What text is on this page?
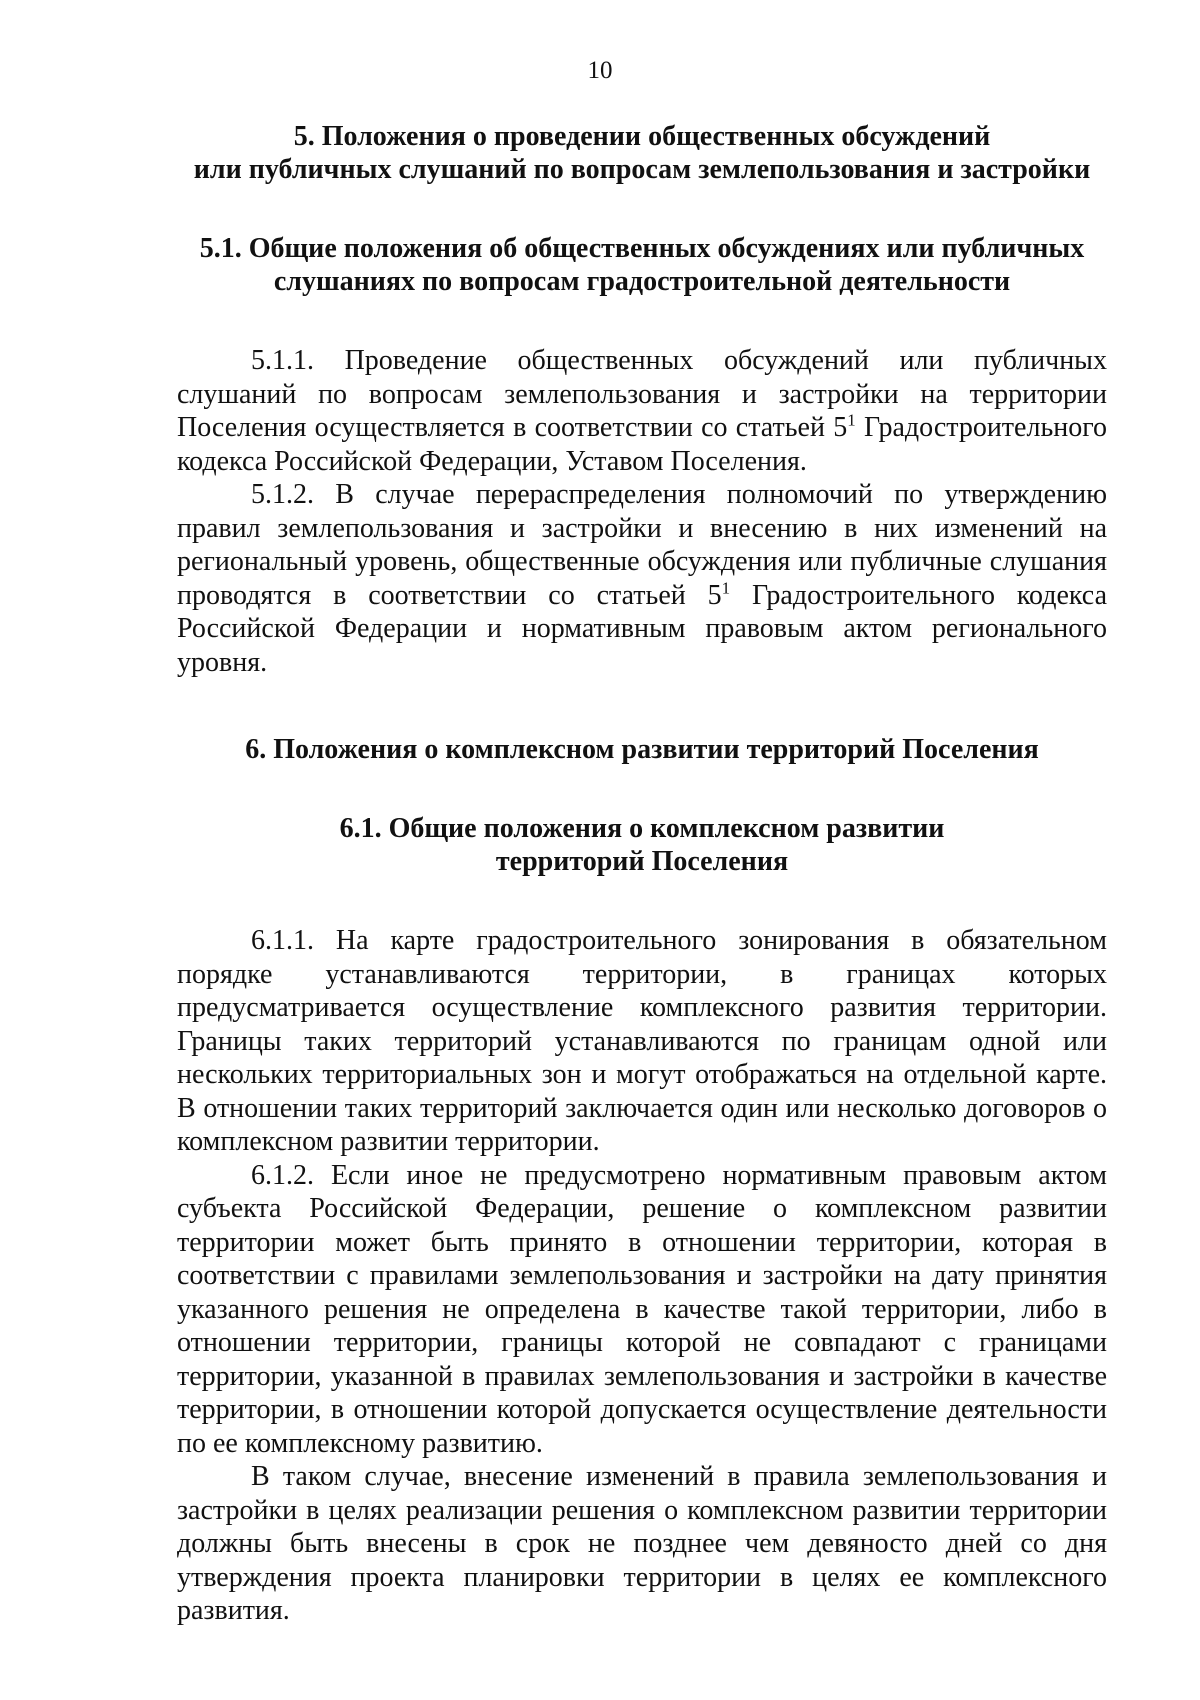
10
5. Положения о проведении общественных обсуждений
или публичных слушаний по вопросам землепользования и застройки
5.1. Общие положения об общественных обсуждениях или публичных
слушаниях по вопросам градостроительной деятельности

5.1.1. Проведение общественных обсуждений или публичных слушаний по вопросам землепользования и застройки на территории Поселения осуществляется в соответствии со статьей $5^1$ Градостроительного кодекса Российской Федерации, Уставом Поселения.

5.1.2. В случае перераспределения полномочий по утверждению правил землепользования и застройки и внесению в них изменений на региональный уровень, общественные обсуждения или публичные слушания проводятся в соответствии со статьей $5^1$ Градостроительного кодекса Российской Федерации и нормативным правовым актом регионального уровня.

6. Положения о комплексном развитии территорий Поселения
6.1. Общие положения о комплексном развитии
территорий Поселения

6.1.1. На карте градостроительного зонирования в обязательном порядке устанавливаются территории, в границах которых предусматривается осуществление комплексного развития территории. Границы таких территорий устанавливаются по границам одной или нескольких территориальных зон и могут отображаться на отдельной карте. В отношении таких территорий заключается один или несколько договоров о комплексном развитии территории.

6.1.2. Если иное не предусмотрено нормативным правовым актом субъекта Российской Федерации, решение о комплексном развитии территории может быть принято в отношении территории, которая в соответствии с правилами землепользования и застройки на дату принятия указанного решения не определена в качестве такой территории, либо в отношении территории, границы которой не совпадают с границами территории, указанной в правилах землепользования и застройки в качестве территории, в отношении которой допускается осуществление деятельности по ее комплексному развитию.

В таком случае, внесение изменений в правила землепользования и застройки в целях реализации решения о комплексном развитии территории должны быть внесены в срок не позднее чем девяносто дней со дня утверждения проекта планировки территории в целях ее комплексного развития.
